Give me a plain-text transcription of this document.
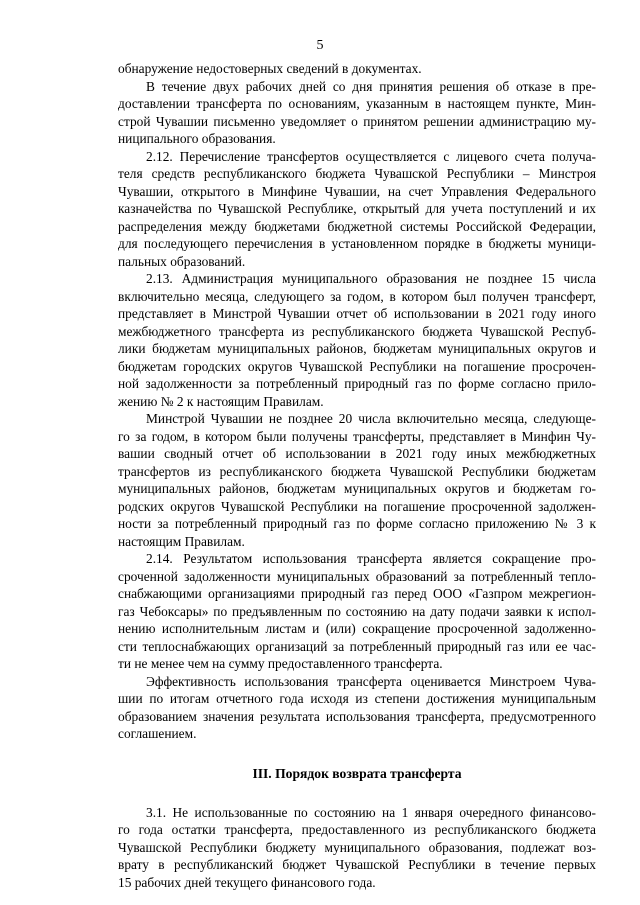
5
обнаружение недостоверных сведений в документах.
В течение двух рабочих дней со дня принятия решения об отказе в пре-
доставлении трансферта по основаниям, указанным в настоящем пункте, Мин-
строй Чувашии письменно уведомляет о принятом решении администрацию му-
ниципального образования.
2.12. Перечисление трансфертов осуществляется с лицевого счета получа-
теля средств республиканского бюджета Чувашской Республики – Минстроя
Чувашии, открытого в Минфине Чувашии, на счет Управления Федерального
казначейства по Чувашской Республике, открытый для учета поступлений и их
распределения между бюджетами бюджетной системы Российской Федерации,
для последующего перечисления в установленном порядке в бюджеты муници-
пальных образований.
2.13. Администрация муниципального образования не позднее 15 числа
включительно месяца, следующего за годом, в котором был получен трансферт,
представляет в Минстрой Чувашии отчет об использовании в 2021 году иного
межбюджетного трансферта из республиканского бюджета Чувашской Респуб-
лики бюджетам муниципальных районов, бюджетам муниципальных округов и
бюджетам городских округов Чувашской Республики на погашение просрочен-
ной задолженности за потребленный природный газ по форме согласно прило-
жению № 2 к настоящим Правилам.
Минстрой Чувашии не позднее 20 числа включительно месяца, следующе-
го за годом, в котором были получены трансферты, представляет в Минфин Чу-
вашии сводный отчет об использовании в 2021 году иных межбюджетных
трансфертов из республиканского бюджета Чувашской Республики бюджетам
муниципальных районов, бюджетам муниципальных округов и бюджетам го-
родских округов Чувашской Республики на погашение просроченной задолжен-
ности за потребленный природный газ по форме согласно приложению № 3 к
настоящим Правилам.
2.14. Результатом использования трансферта является сокращение про-
сроченной задолженности муниципальных образований за потребленный тепло-
снабжающими организациями природный газ перед ООО «Газпром межрегион-
газ Чебоксары» по предъявленным по состоянию на дату подачи заявки к испол-
нению исполнительным листам и (или) сокращение просроченной задолженно-
сти теплоснабжающих организаций за потребленный природный газ или ее час-
ти не менее чем на сумму предоставленного трансферта.
Эффективность использования трансферта оценивается Минстроем Чува-
шии по итогам отчетного года исходя из степени достижения муниципальным
образованием значения результата использования трансферта, предусмотренного
соглашением.
III. Порядок возврата трансферта
3.1. Не использованные по состоянию на 1 января очередного финансово-
го года остатки трансферта, предоставленного из республиканского бюджета
Чувашской Республики бюджету муниципального образования, подлежат воз-
врату в республиканский бюджет Чувашской Республики в течение первых
15 рабочих дней текущего финансового года.
